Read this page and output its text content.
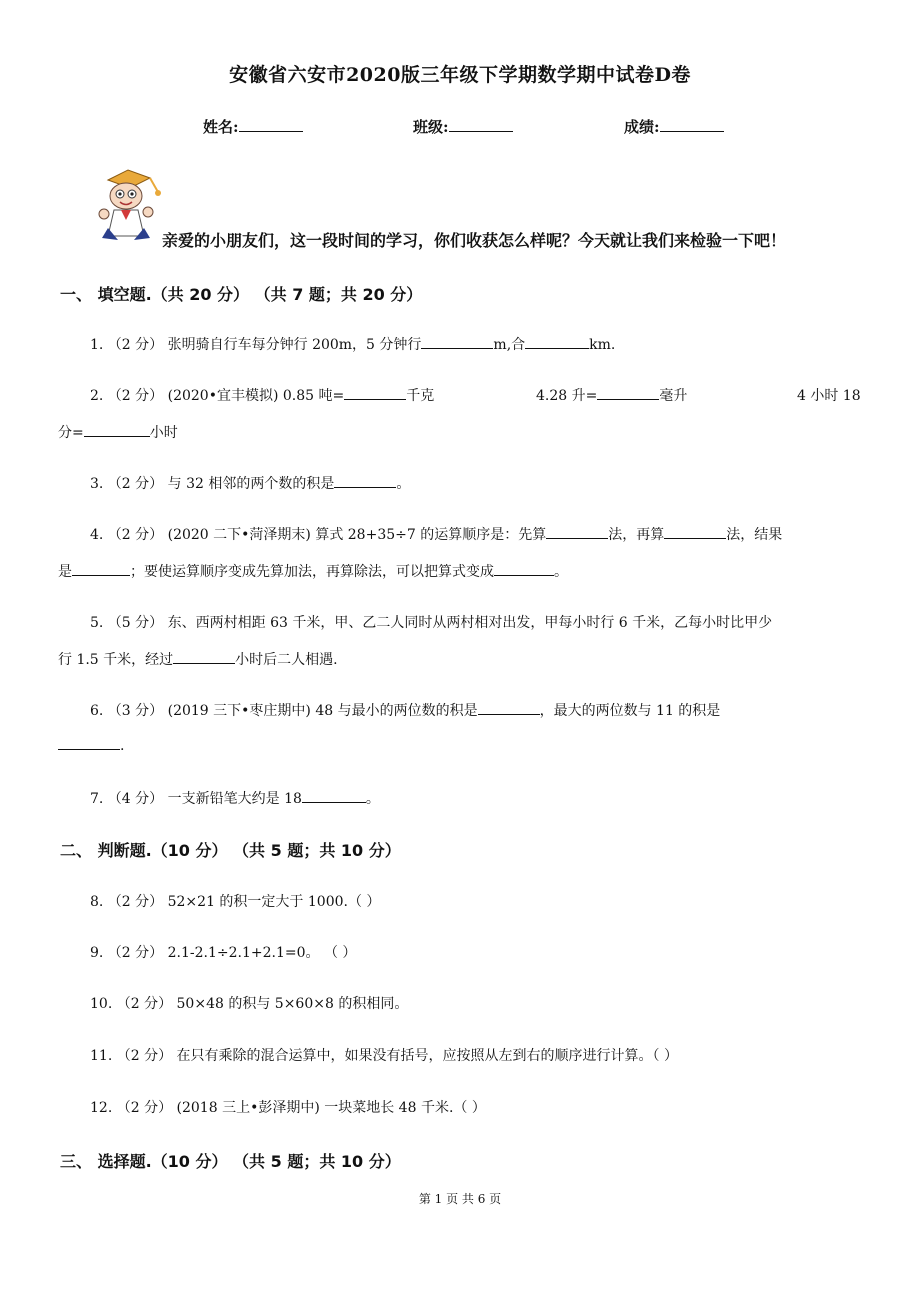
安徽省六安市2020版三年级下学期数学期中试卷D卷
姓名:	班级:	成绩:
亲爱的小朋友们，这一段时间的学习，你们收获怎么样呢？今天就让我们来检验一下吧！
一、 填空题.（共 20 分） （共 7 题；共 20 分）
1. （2 分） 张明骑自行车每分钟行 200m，5 分钟行	m,合	km.
2. （2 分） (2020•宜丰模拟) 0.85 吨=	千克	4.28 升=	毫升	4 小时 18
分=	小时
3. （2 分） 与 32 相邻的两个数的积是	。
4. （2 分） (2020 二下•菏泽期末) 算式 28+35÷7 的运算顺序是：先算	法，再算	法，结果
是	；要使运算顺序变成先算加法，再算除法，可以把算式变成	。
5. （5 分） 东、西两村相距 63 千米，甲、乙二人同时从两村相对出发，甲每小时行 6 千米，乙每小时比甲少
行 1.5 千米，经过	小时后二人相遇.
6. （3 分） (2019 三下•枣庄期中) 48 与最小的两位数的积是	，最大的两位数与 11 的积是
.
7. （4 分） 一支新铅笔大约是 18	。
二、 判断题.（10 分） （共 5 题；共 10 分）
8. （2 分） 52×21 的积一定大于 1000.（ ）
9. （2 分） 2.1-2.1÷2.1+2.1=0。 （ ）
10. （2 分） 50×48 的积与 5×60×8 的积相同。
11. （2 分） 在只有乘除的混合运算中，如果没有括号，应按照从左到右的顺序进行计算。（ ）
12. （2 分） (2018 三上•彭泽期中) 一块菜地长 48 千米.（ ）
三、 选择题.（10 分） （共 5 题；共 10 分）
第 1 页 共 6 页
